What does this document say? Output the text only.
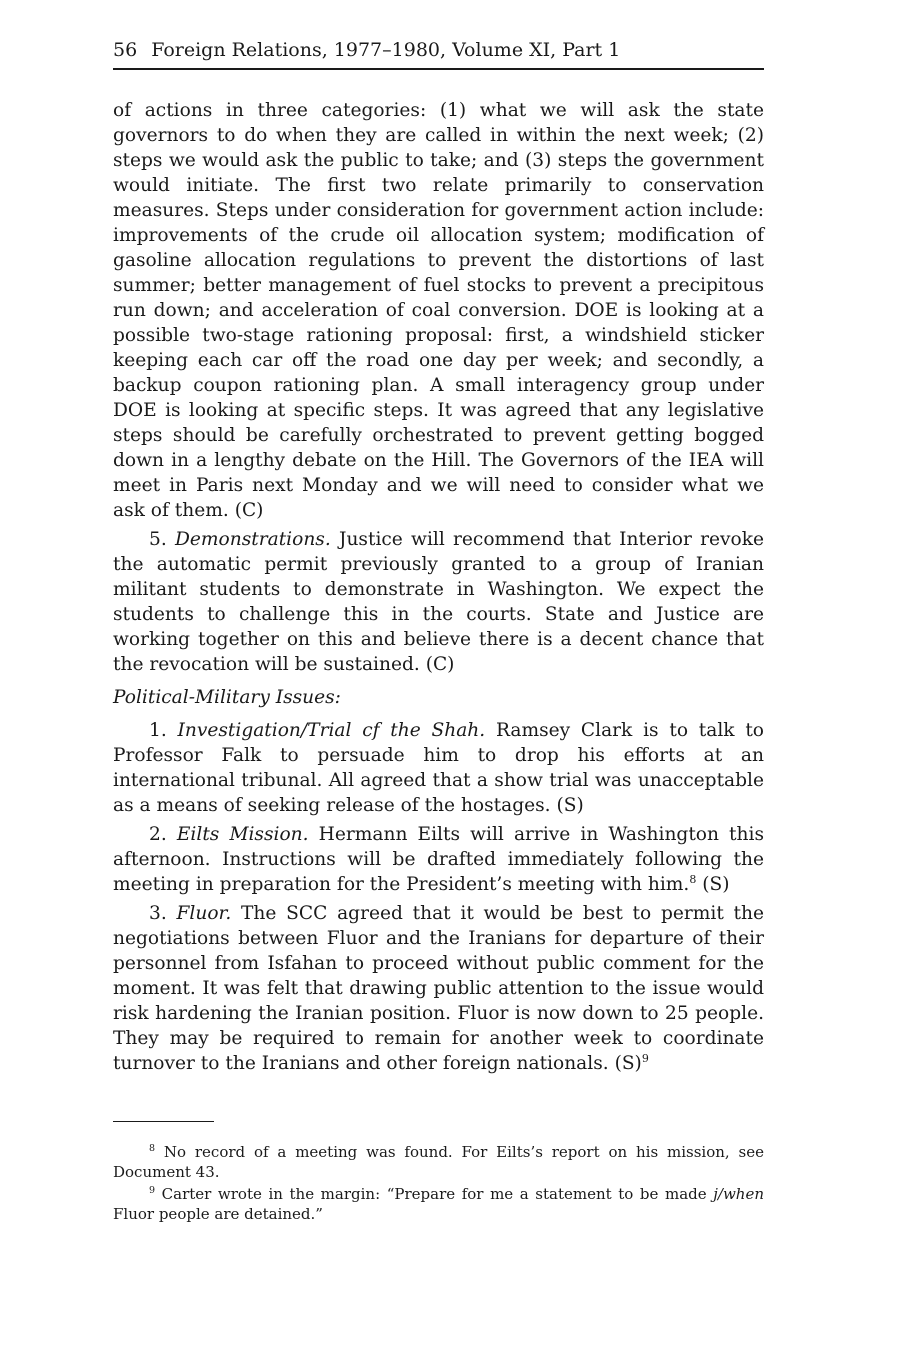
56 Foreign Relations, 1977–1980, Volume XI, Part 1

of actions in three categories: (1) what we will ask the state governors to do when they are called in within the next week; (2) steps we would ask the public to take; and (3) steps the government would initiate. The first two relate primarily to conservation measures. Steps under consideration for government action include: improvements of the crude oil allocation system; modification of gasoline allocation regulations to prevent the distortions of last summer; better management of fuel stocks to prevent a precipitous run down; and acceleration of coal conversion. DOE is looking at a possible two-stage rationing proposal: first, a windshield sticker keeping each car off the road one day per week; and secondly, a backup coupon rationing plan. A small interagency group under DOE is looking at specific steps. It was agreed that any legislative steps should be carefully orchestrated to prevent getting bogged down in a lengthy debate on the Hill. The Governors of the IEA will meet in Paris next Monday and we will need to consider what we ask of them. (C)

5. Demonstrations. Justice will recommend that Interior revoke the automatic permit previously granted to a group of Iranian militant students to demonstrate in Washington. We expect the students to challenge this in the courts. State and Justice are working together on this and believe there is a decent chance that the revocation will be sustained. (C)

Political-Military Issues:

1. Investigation/Trial cf the Shah. Ramsey Clark is to talk to Professor Falk to persuade him to drop his efforts at an international tribunal. All agreed that a show trial was unacceptable as a means of seeking release of the hostages. (S)

2. Eilts Mission. Hermann Eilts will arrive in Washington this afternoon. Instructions will be drafted immediately following the meeting in preparation for the President’s meeting with him.$^8$ (S)

3. Fluor. The SCC agreed that it would be best to permit the negotiations between Fluor and the Iranians for departure of their personnel from Isfahan to proceed without public comment for the moment. It was felt that drawing public attention to the issue would risk hardening the Iranian position. Fluor is now down to 25 people. They may be required to remain for another week to coordinate turnover to the Iranians and other foreign nationals. $(S)^9$

$^8$ No record of a meeting was found. For Eilts’s report on his mission, see Document 43.

$^9$ Carter wrote in the margin: “Prepare for me a statement to be made j/when Fluor people are detained.”
